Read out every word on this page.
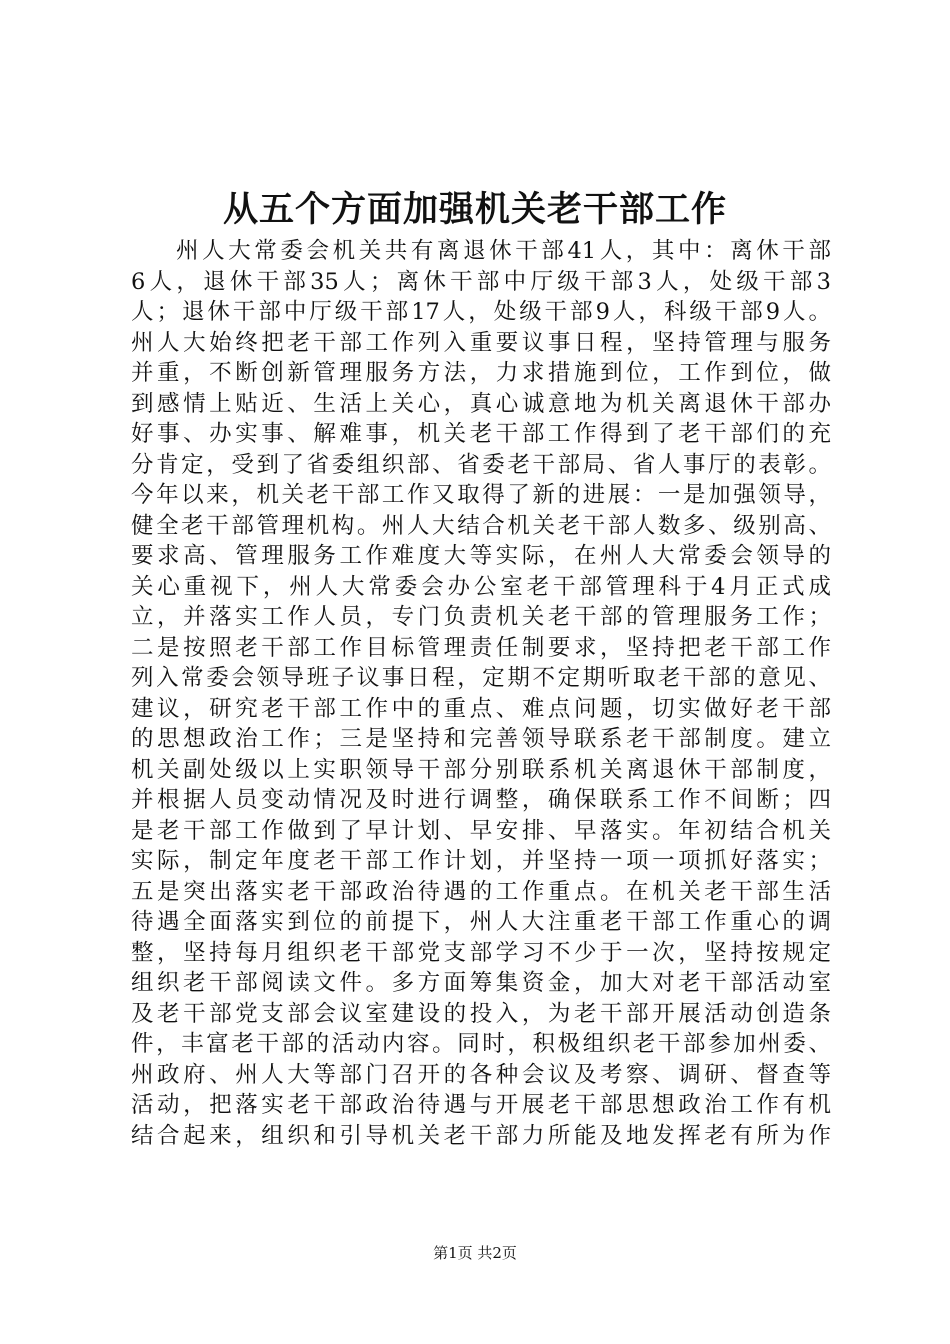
从五个方面加强机关老干部工作
州人大常委会机关共有离退休干部41人，其中：离休干部
6人，退休干部35人；离休干部中厅级干部3人，处级干部3
人；退休干部中厅级干部17人，处级干部9人，科级干部9人。
州人大始终把老干部工作列入重要议事日程，坚持管理与服务
并重，不断创新管理服务方法，力求措施到位，工作到位，做
到感情上贴近、生活上关心，真心诚意地为机关离退休干部办
好事、办实事、解难事，机关老干部工作得到了老干部们的充
分肯定，受到了省委组织部、省委老干部局、省人事厅的表彰。
今年以来，机关老干部工作又取得了新的进展：一是加强领导，
健全老干部管理机构。州人大结合机关老干部人数多、级别高、
要求高、管理服务工作难度大等实际，在州人大常委会领导的
关心重视下，州人大常委会办公室老干部管理科于4月正式成
立，并落实工作人员，专门负责机关老干部的管理服务工作；
二是按照老干部工作目标管理责任制要求，坚持把老干部工作
列入常委会领导班子议事日程，定期不定期听取老干部的意见、
建议，研究老干部工作中的重点、难点问题，切实做好老干部
的思想政治工作；三是坚持和完善领导联系老干部制度。建立
机关副处级以上实职领导干部分别联系机关离退休干部制度，
并根据人员变动情况及时进行调整，确保联系工作不间断；四
是老干部工作做到了早计划、早安排、早落实。年初结合机关
实际，制定年度老干部工作计划，并坚持一项一项抓好落实；
五是突出落实老干部政治待遇的工作重点。在机关老干部生活
待遇全面落实到位的前提下，州人大注重老干部工作重心的调
整，坚持每月组织老干部党支部学习不少于一次，坚持按规定
组织老干部阅读文件。多方面筹集资金，加大对老干部活动室
及老干部党支部会议室建设的投入，为老干部开展活动创造条
件，丰富老干部的活动内容。同时，积极组织老干部参加州委、
州政府、州人大等部门召开的各种会议及考察、调研、督查等
活动，把落实老干部政治待遇与开展老干部思想政治工作有机
结合起来，组织和引导机关老干部力所能及地发挥老有所为作
第1页 共2页
